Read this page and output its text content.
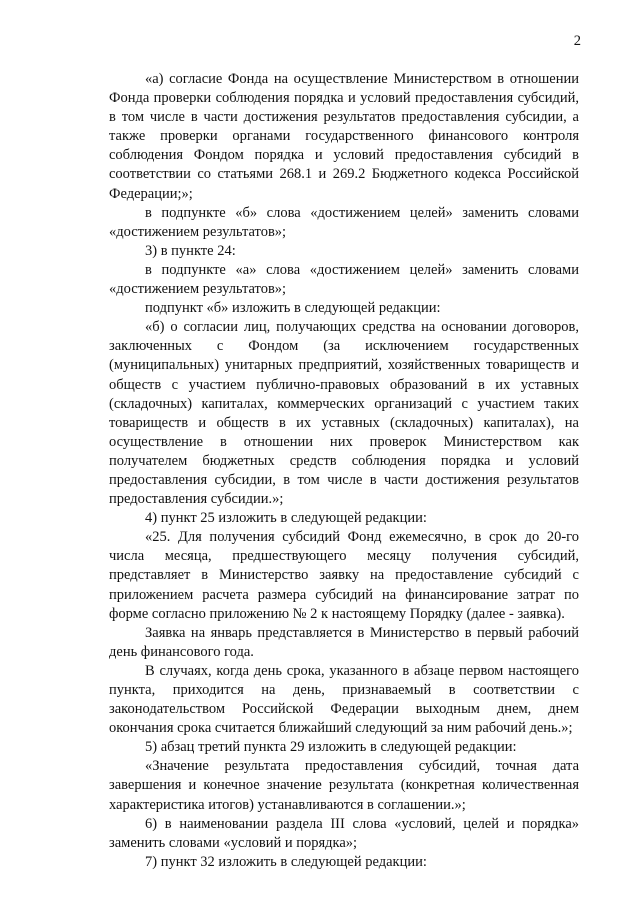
2

«а) согласие Фонда на осуществление Министерством в отношении Фонда проверки соблюдения порядка и условий предоставления субсидий, в том числе в части достижения результатов предоставления субсидии, а также проверки органами государственного финансового контроля соблюдения Фондом порядка и условий предоставления субсидий в соответствии со статьями 268.1 и 269.2 Бюджетного кодекса Российской Федерации;»;

в подпункте «б» слова «достижением целей» заменить словами «достижением результатов»;

3) в пункте 24:

в подпункте «а» слова «достижением целей» заменить словами «достижением результатов»;

подпункт «б» изложить в следующей редакции:

«б) о согласии лиц, получающих средства на основании договоров, заключенных с Фондом (за исключением государственных (муниципальных) унитарных предприятий, хозяйственных товариществ и обществ с участием публично-правовых образований в их уставных (складочных) капиталах, коммерческих организаций с участием таких товариществ и обществ в их уставных (складочных) капиталах), на осуществление в отношении них проверок Министерством как получателем бюджетных средств соблюдения порядка и условий предоставления субсидии, в том числе в части достижения результатов предоставления субсидии.»;

4) пункт 25 изложить в следующей редакции:

«25. Для получения субсидий Фонд ежемесячно, в срок до 20-го числа месяца, предшествующего месяцу получения субсидий, представляет в Министерство заявку на предоставление субсидий с приложением расчета размера субсидий на финансирование затрат по форме согласно приложению № 2 к настоящему Порядку (далее - заявка).

Заявка на январь представляется в Министерство в первый рабочий день финансового года.

В случаях, когда день срока, указанного в абзаце первом настоящего пункта, приходится на день, признаваемый в соответствии с законодательством Российской Федерации выходным днем, днем окончания срока считается ближайший следующий за ним рабочий день.»;

5) абзац третий пункта 29 изложить в следующей редакции:

«Значение результата предоставления субсидий, точная дата завершения и конечное значение результата (конкретная количественная характеристика итогов) устанавливаются в соглашении.»;

6) в наименовании раздела III слова «условий, целей и порядка» заменить словами «условий и порядка»;

7) пункт 32 изложить в следующей редакции:
